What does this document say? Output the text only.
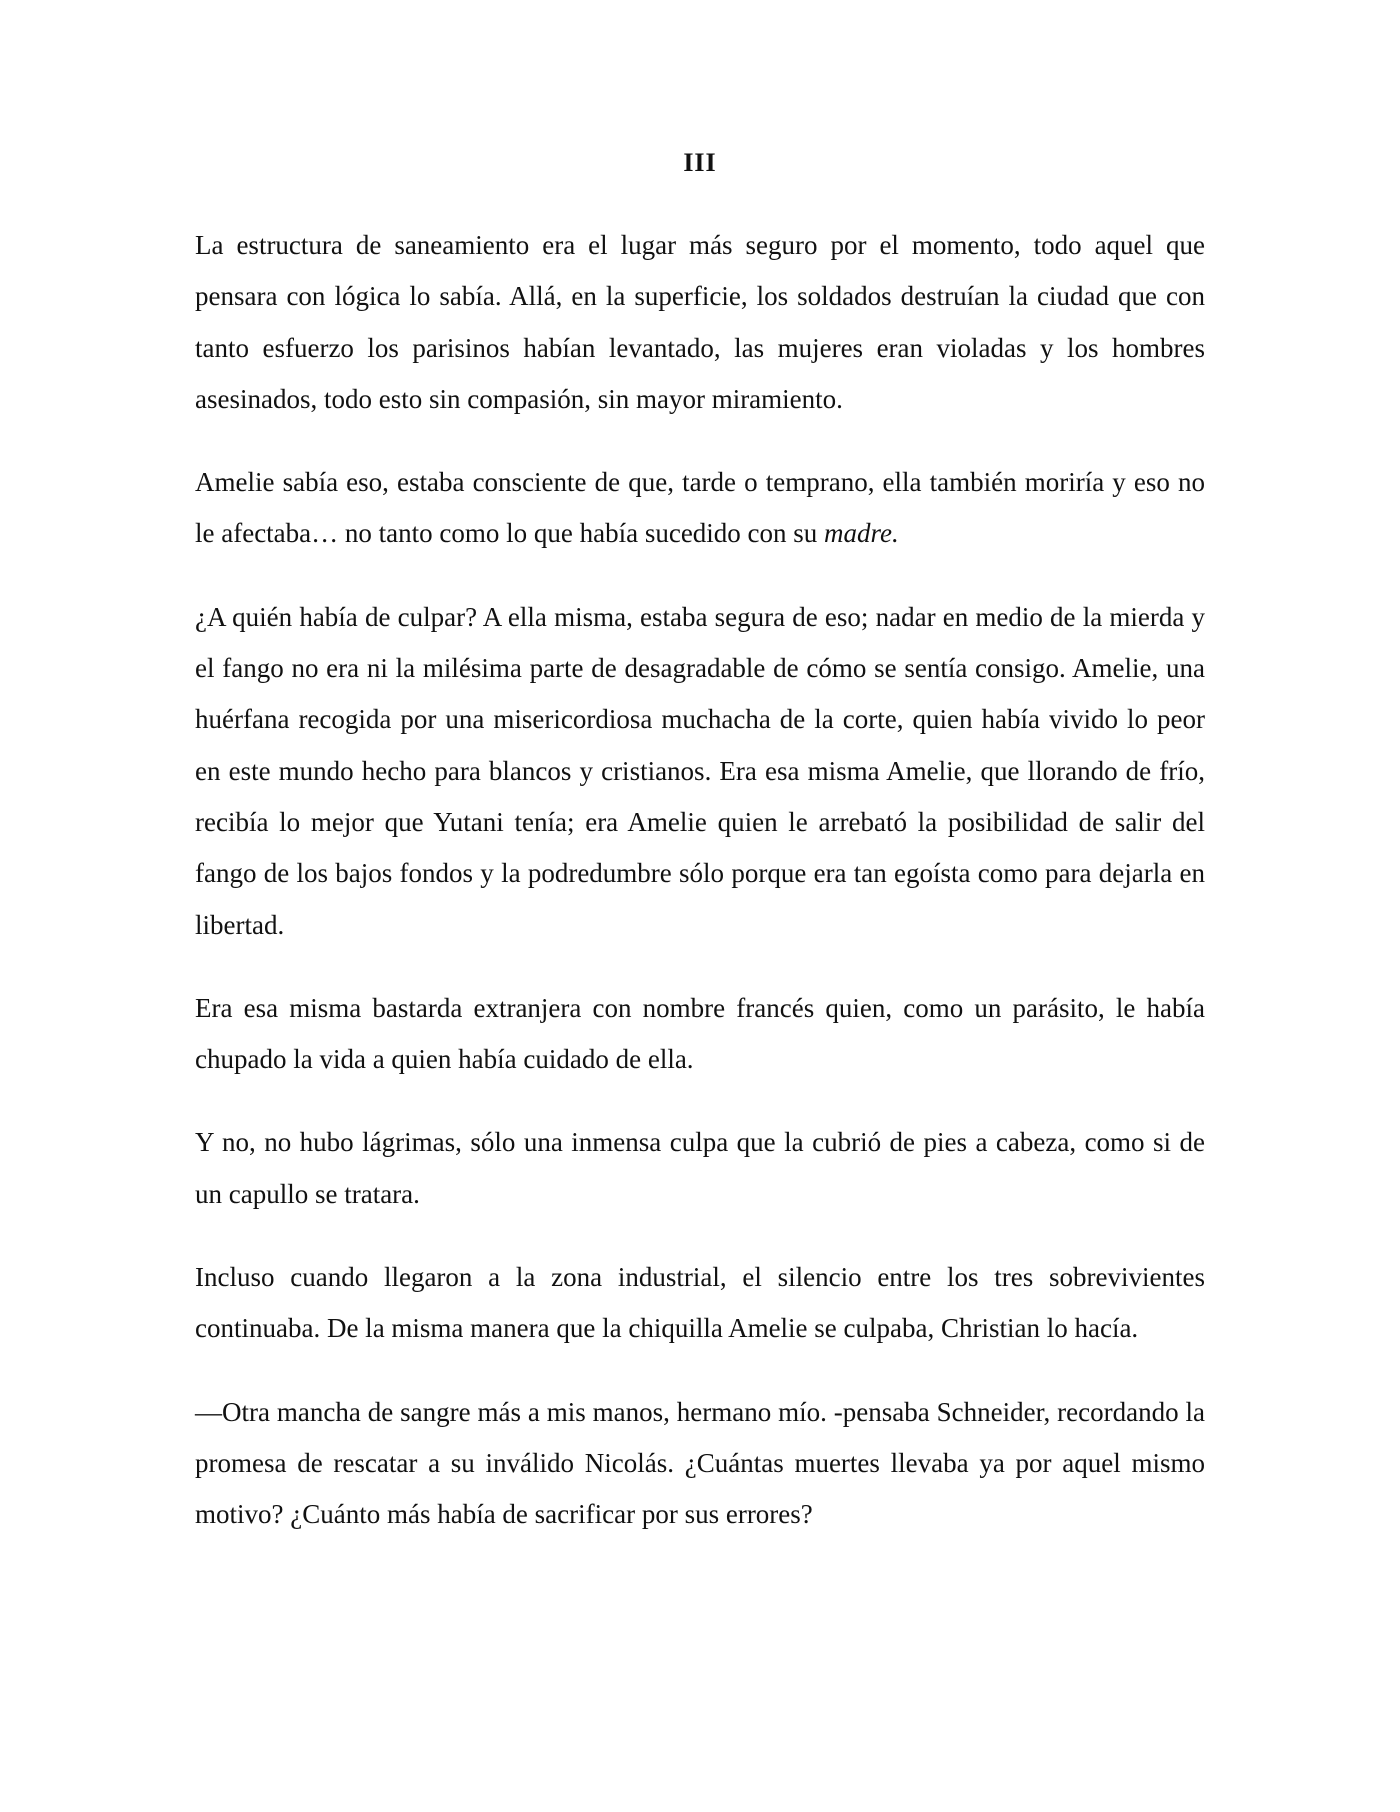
III

La estructura de saneamiento era el lugar más seguro por el momento, todo aquel que pensara con lógica lo sabía. Allá, en la superficie, los soldados destruían la ciudad que con tanto esfuerzo los parisinos habían levantado, las mujeres eran violadas y los hombres asesinados, todo esto sin compasión, sin mayor miramiento.

Amelie sabía eso, estaba consciente de que, tarde o temprano, ella también moriría y eso no le afectaba… no tanto como lo que había sucedido con su madre.

¿A quién había de culpar? A ella misma, estaba segura de eso; nadar en medio de la mierda y el fango no era ni la milésima parte de desagradable de cómo se sentía consigo. Amelie, una huérfana recogida por una misericordiosa muchacha de la corte, quien había vivido lo peor en este mundo hecho para blancos y cristianos. Era esa misma Amelie, que llorando de frío, recibía lo mejor que Yutani tenía; era Amelie quien le arrebató la posibilidad de salir del fango de los bajos fondos y la podredumbre sólo porque era tan egoísta como para dejarla en libertad.

Era esa misma bastarda extranjera con nombre francés quien, como un parásito, le había chupado la vida a quien había cuidado de ella.

Y no, no hubo lágrimas, sólo una inmensa culpa que la cubrió de pies a cabeza, como si de un capullo se tratara.

Incluso cuando llegaron a la zona industrial, el silencio entre los tres sobrevivientes continuaba. De la misma manera que la chiquilla Amelie se culpaba, Christian lo hacía.

—Otra mancha de sangre más a mis manos, hermano mío. -pensaba Schneider, recordando la promesa de rescatar a su inválido Nicolás. ¿Cuántas muertes llevaba ya por aquel mismo motivo? ¿Cuánto más había de sacrificar por sus errores?
